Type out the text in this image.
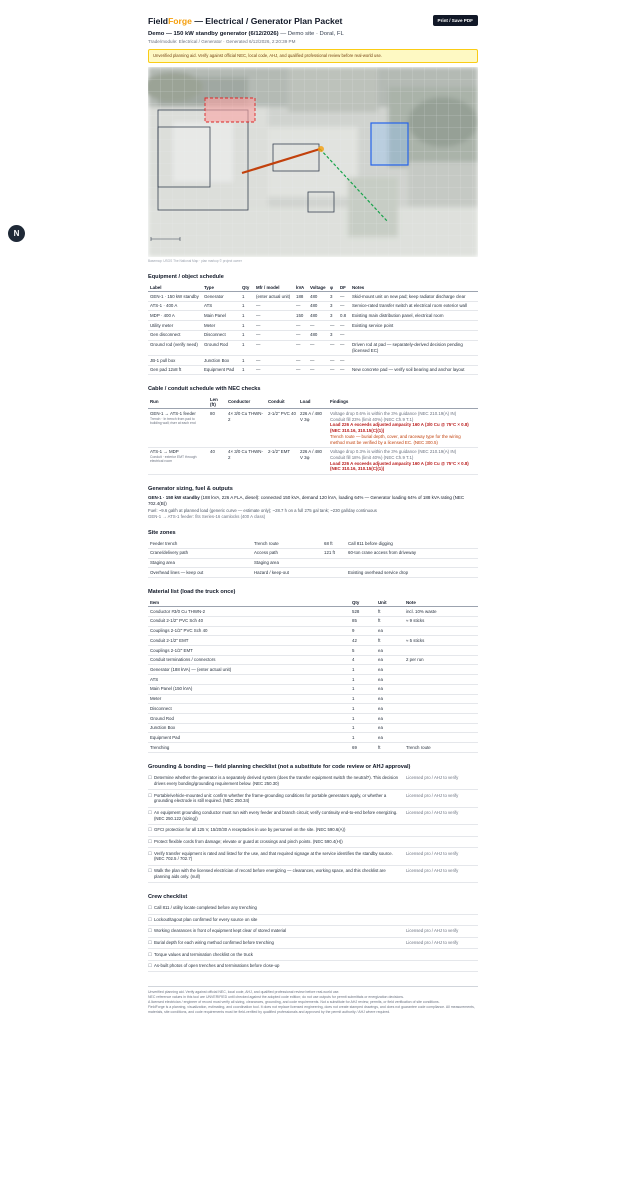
N
FieldForge — Electrical / Generator Plan Packet	Print / Save PDF
Demo — 150 kW standby generator (6/12/2026) — Demo site · Doral, FL
Trade/module: Electrical / Generator · Generated 6/12/2026, 2:20:39 PM
Unverified planning aid. Verify against official NEC, local code, AHJ, and qualified professional review before real-world use.
Basemap: USGS The National Map · plan markup © project owner
Equipment / object schedule
Label	Type	Qty	Mfr / model	kVA	Voltage	φ	DF	Notes
GEN-1 · 150 kW standby	Generator	1	(enter actual unit)	188	480	3	—	Skid-mount unit on new pad; keep radiator discharge clear
ATS-1 · 400 A	ATS	1	—	—	480	3	—	Service-rated transfer switch at electrical room exterior wall
MDP · 400 A	Main Panel	1	—	150	480	3	0.8	Existing main distribution panel, electrical room
Utility meter	Meter	1	—	—	—	—	—	Existing service point
Gen disconnect	Disconnect	1	—	—	480	3	—	
Ground rod (verify need)	Ground Rod	1	—	—	—	—	—	Driven rod at pad — separately-derived decision pending (licensed EC)
JB-1 pull box	Junction Box	1	—	—	—	—	—	
Gen pad 12x8 ft	Equipment Pad	1	—	—	—	—	—	New concrete pad — verify soil bearing and anchor layout
Cable / conduit schedule with NEC checks
Run	Len (ft)	Conductor	Conduit	Load	Findings
GEN-1 → ATS-1 feeder
Trench · In trench from pad to building wall; riser at each end	80	4× 3/0 Cu THWN-2	2-1/2" PVC 40	226 A / 480 V 3φ	Voltage drop 0.6% is within the 3% guidance (NEC 210.19(A) IN)
Conduit fill 23% (limit 40%) (NEC Ch.9 T.1)
Load 226 A exceeds adjusted ampacity 160 A (3/0 Cu @ 75°C × 0.8) (NEC 310.16, 310.15(C)(1))
Trench route — burial depth, cover, and raceway type for the wiring method must be verified by a licensed EC. (NEC 300.5)

ATS-1 → MDP
Conduit · exterior EMT through electrical room	40	4× 3/0 Cu THWN-2	2-1/2" EMT	226 A / 480 V 3φ	Voltage drop 0.3% is within the 3% guidance (NEC 210.19(A) IN)
Conduit fill 18% (limit 40%) (NEC Ch.9 T.1)
Load 226 A exceeds adjusted ampacity 160 A (3/0 Cu @ 75°C × 0.8) (NEC 310.16, 310.15(C)(1))
Generator sizing, fuel & outputs
GEN-1 · 150 kW standby (188 kVA, 226 A FLA, diesel): connected 150 kVA, demand 120 kVA, loading 64% — Generator loading 64% of 188 kVA rating (NEC 702.4(B))
Fuel: ~9.6 gal/h at planned load (generic curve — estimate only); ~28.7 h on a full 275 gal tank; ~230 gal/day continuous
GEN-1 → ATS-1 feeder: fits Series-16 camlocks (400 A class)
Site zones
Feeder trench	Trench route	68 ft	Call 811 before digging
Crane/delivery path	Access path	121 ft	60-ton crane access from driveway
Staging area	Staging area		
Overhead lines — keep out	Hazard / keep-out		Existing overhead service drop
Material list (load the truck once)
Item	Qty	Unit	Note
Conductor #3/0 Cu THWN-2	528	ft	incl. 10% waste
Conduit 2-1/2" PVC Sch 40	85	ft	≈ 9 sticks
Couplings 2-1/2" PVC Sch 40	9	ea	
Conduit 2-1/2" EMT	42	ft	≈ 5 sticks
Couplings 2-1/2" EMT	5	ea	
Conduit terminations / connectors	4	ea	2 per run
Generator (188 kVA) — (enter actual unit)	1	ea	
ATS	1	ea	
Main Panel (150 kVA)	1	ea	
Meter	1	ea	
Disconnect	1	ea	
Ground Rod	1	ea	
Junction Box	1	ea	
Equipment Pad	1	ea	
Trenching	69	ft	Trench route
Grounding & bonding — field planning checklist (not a substitute for code review or AHJ approval)
☐ Determine whether the generator is a separately derived system (does the transfer equipment switch the neutral?). This decision drives every bonding/grounding requirement below. (NEC 250.30)
Licensed pro / AHJ to verify
☐ Portable/vehicle-mounted unit: confirm whether the frame-grounding conditions for portable generators apply, or whether a grounding electrode is still required. (NEC 250.34)
Licensed pro / AHJ to verify
☐ An equipment grounding conductor must run with every feeder and branch circuit; verify continuity end-to-end before energizing. (NEC 250.122 (sizing))
Licensed pro / AHJ to verify
☐ GFCI protection for all 125 V, 15/20/30 A receptacles in use by personnel on the site. (NEC 590.6(A))
☐ Protect flexible cords from damage; elevate or guard at crossings and pinch points. (NEC 590.4(H))
☐ Verify transfer equipment is rated and listed for the use, and that required signage at the service identifies the standby source. (NEC 702.5 / 702.7)
Licensed pro / AHJ to verify
☐ Walk the plan with the licensed electrician of record before energizing — clearances, working space, and this checklist are planning aids only. (null)
Licensed pro / AHJ to verify
Crew checklist
☐ Call 811 / utility locate completed before any trenching
☐ Lockout/tagout plan confirmed for every source on site
☐ Working clearances in front of equipment kept clear of stored material	Licensed pro / AHJ to verify
☐ Burial depth for each wiring method confirmed before trenching	Licensed pro / AHJ to verify
☐ Torque values and termination checklist on the truck
☐ As-built photos of open trenches and terminations before close-up
Unverified planning aid. Verify against official NEC, local code, AHJ, and qualified professional review before real-world use.
NEC reference values in this tool are UNVERIFIED until checked against the adopted code edition; do not use outputs for permit submittals or energization decisions.
A licensed electrician / engineer of record must verify all sizing, clearances, grounding, and code requirements. Not a substitute for AHJ review, permits, or field verification of site conditions.
FieldForge is a planning, visualization, estimating, and coordination tool. It does not replace licensed engineering, does not create stamped drawings, and does not guarantee code compliance. All measurements, materials, site conditions, and code requirements must be field-verified by qualified professionals and approved by the permit authority / AHJ where required.
